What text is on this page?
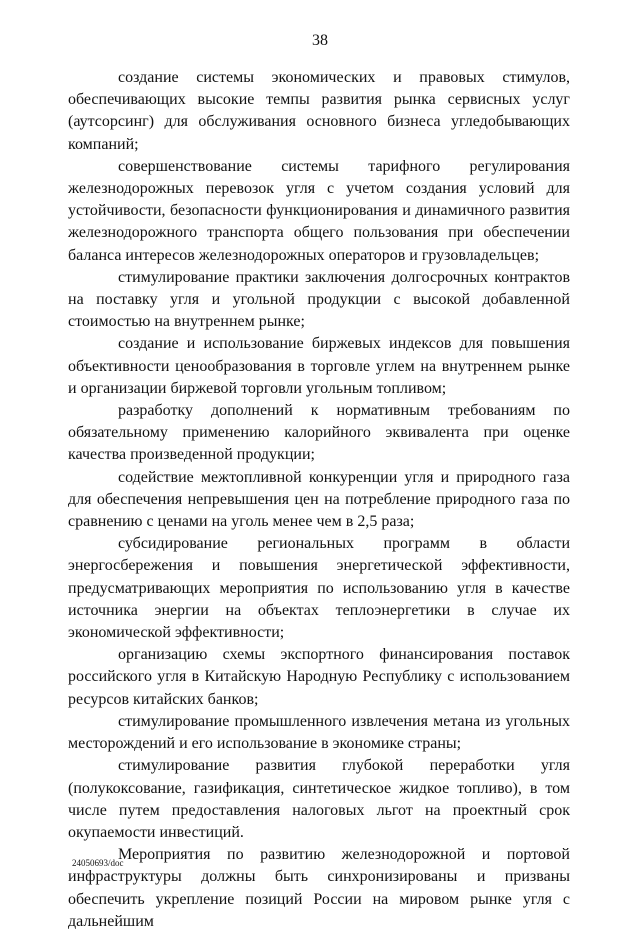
38

создание системы экономических и правовых стимулов, обеспечивающих высокие темпы развития рынка сервисных услуг (аутсорсинг) для обслуживания основного бизнеса угледобывающих компаний;

совершенствование системы тарифного регулирования железнодорожных перевозок угля с учетом создания условий для устойчивости, безопасности функционирования и динамичного развития железнодорожного транспорта общего пользования при обеспечении баланса интересов железнодорожных операторов и грузовладельцев;

стимулирование практики заключения долгосрочных контрактов на поставку угля и угольной продукции с высокой добавленной стоимостью на внутреннем рынке;

создание и использование биржевых индексов для повышения объективности ценообразования в торговле углем на внутреннем рынке и организации биржевой торговли угольным топливом;

разработку дополнений к нормативным требованиям по обязательному применению калорийного эквивалента при оценке качества произведенной продукции;

содействие межтопливной конкуренции угля и природного газа для обеспечения непревышения цен на потребление природного газа по сравнению с ценами на уголь менее чем в 2,5 раза;

субсидирование региональных программ в области энергосбережения и повышения энергетической эффективности, предусматривающих мероприятия по использованию угля в качестве источника энергии на объектах теплоэнергетики в случае их экономической эффективности;

организацию схемы экспортного финансирования поставок российского угля в Китайскую Народную Республику с использованием ресурсов китайских банков;

стимулирование промышленного извлечения метана из угольных месторождений и его использование в экономике страны;

стимулирование развития глубокой переработки угля (полукоксование, газификация, синтетическое жидкое топливо), в том числе путем предоставления налоговых льгот на проектный срок окупаемости инвестиций.

Мероприятия по развитию железнодорожной и портовой инфраструктуры должны быть синхронизированы и призваны обеспечить укрепление позиций России на мировом рынке угля с дальнейшим

24050693/doc
